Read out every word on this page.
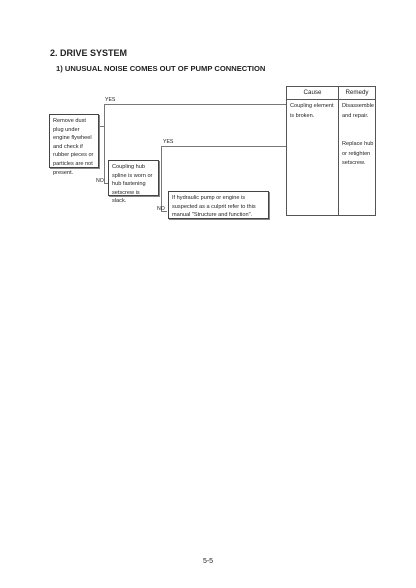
2. DRIVE SYSTEM
1) UNUSUAL NOISE COMES OUT OF PUMP CONNECTION
Cause	Remedy
Coupling element is broken.
Disassemble and repair.
Replace hub or retighten setscrew.
YES
YES
NO
NO
Remove dust plug under engine flywheel and check if rubber pieces or particles are not present.
Coupling hub spline is worn or hub fastening setscrew is slack.
If hydraulic pump or engine is suspected as a culprit refer to this manual "Structure and function".
5-5
